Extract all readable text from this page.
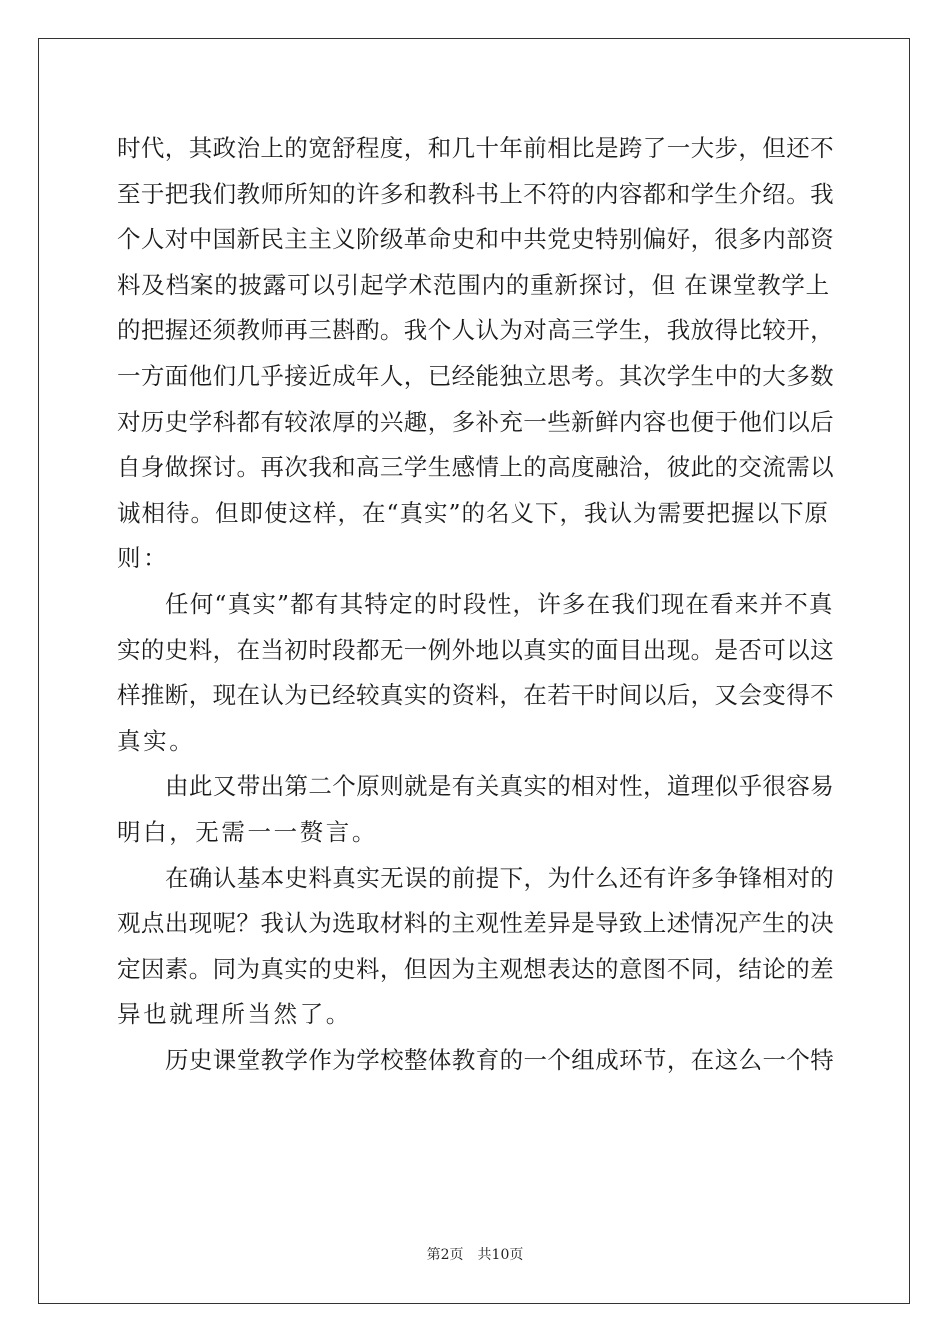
时代，其政治上的宽舒程度，和几十年前相比是跨了一大步，但还不
至于把我们教师所知的许多和教科书上不符的内容都和学生介绍。我
个人对中国新民主主义阶级革命史和中共党史特别偏好，很多内部资
料及档案的披露可以引起学术范围内的重新探讨，但 在课堂教学上
的把握还须教师再三斟酌。我个人认为对高三学生，我放得比较开，
一方面他们几乎接近成年人，已经能独立思考。其次学生中的大多数
对历史学科都有较浓厚的兴趣，多补充一些新鲜内容也便于他们以后
自身做探讨。再次我和高三学生感情上的高度融洽，彼此的交流需以
诚相待。但即使这样，在“真实”的名义下，我认为需要把握以下原
则：
任何“真实”都有其特定的时段性，许多在我们现在看来并不真
实的史料，在当初时段都无一例外地以真实的面目出现。是否可以这
样推断，现在认为已经较真实的资料，在若干时间以后，又会变得不
真实。
由此又带出第二个原则就是有关真实的相对性，道理似乎很容易
明白，无需一一赘言。
在确认基本史料真实无误的前提下，为什么还有许多争锋相对的
观点出现呢？我认为选取材料的主观性差异是导致上述情况产生的决
定因素。同为真实的史料，但因为主观想表达的意图不同，结论的差
异也就理所当然了。
历史课堂教学作为学校整体教育的一个组成环节，在这么一个特
第2页　共10页
